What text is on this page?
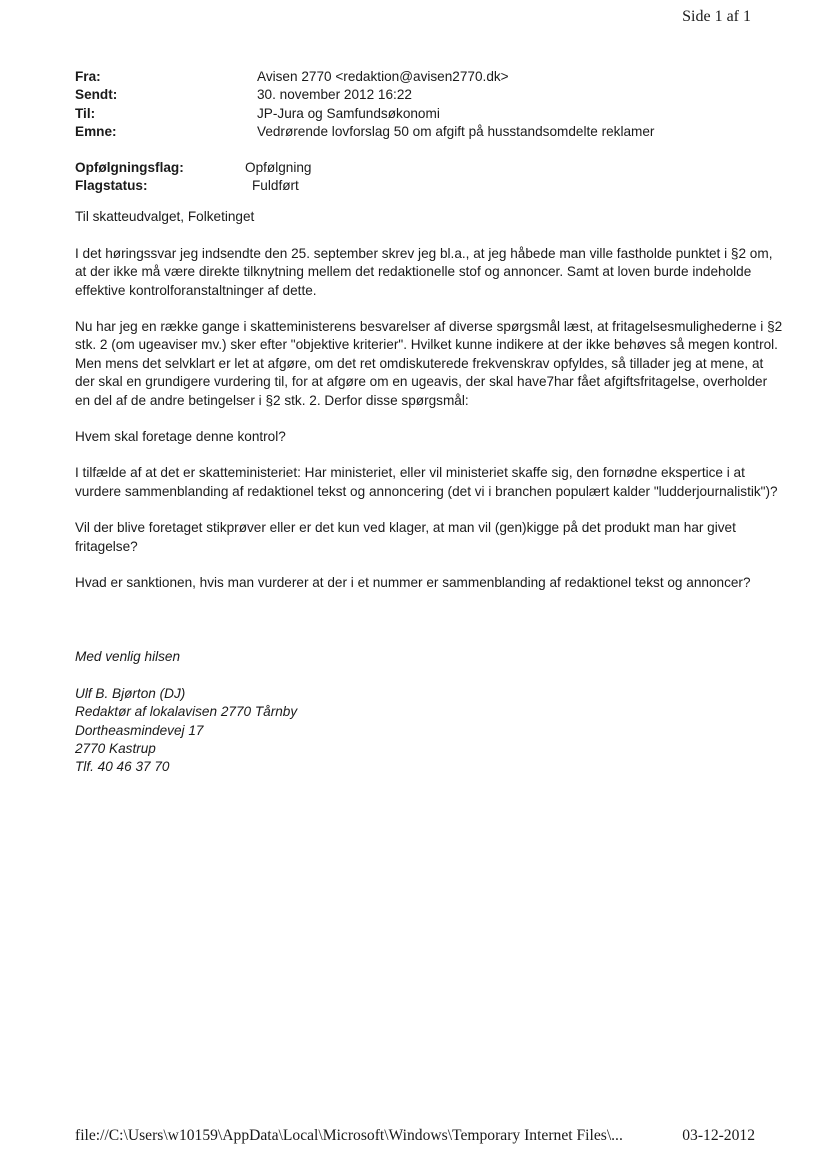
Side 1 af 1
Fra:	Avisen 2770 <redaktion@avisen2770.dk>
Sendt:	30. november 2012 16:22
Til:	JP-Jura og Samfundsøkonomi
Emne:	Vedrørende lovforslag 50 om afgift på husstandsomdelte reklamer
Opfølgningsflag:	Opfølgning
Flagstatus:	Fuldført

Til skatteudvalget, Folketinget

I det høringssvar jeg indsendte den 25. september skrev jeg bl.a., at jeg håbede man ville fastholde punktet i §2 om, at der ikke må være direkte tilknytning mellem det redaktionelle stof og annoncer. Samt at loven burde indeholde effektive kontrolforanstaltninger af dette.

Nu har jeg en række gange i skatteministerens besvarelser af diverse spørgsmål læst, at fritagelsesmulighederne i §2 stk. 2 (om ugeaviser mv.) sker efter "objektive kriterier". Hvilket kunne indikere at der ikke behøves så megen kontrol. Men mens det selvklart er let at afgøre, om det ret omdiskuterede frekvenskrav opfyldes, så tillader jeg at mene, at der skal en grundigere vurdering til, for at afgøre om en ugeavis, der skal have7har fået afgiftsfritagelse, overholder en del af de andre betingelser i §2 stk. 2. Derfor disse spørgsmål:

Hvem skal foretage denne kontrol?

I tilfælde af at det er skatteministeriet: Har ministeriet, eller vil ministeriet skaffe sig, den fornødne ekspertice i at vurdere sammenblanding af redaktionel tekst og annoncering (det vi i branchen populært kalder "ludderjournalistik")?

Vil der blive foretaget stikprøver eller er det kun ved klager, at man vil (gen)kigge på det produkt man har givet fritagelse?

Hvad er sanktionen, hvis man vurderer at der i et nummer er sammenblanding af redaktionel tekst og annoncer?

Med venlig hilsen

Ulf B. Bjørton (DJ)
Redaktør af lokalavisen 2770 Tårnby
Dortheasmindevej 17
2770 Kastrup
Tlf. 40 46 37 70
file://C:\Users\w10159\AppData\Local\Microsoft\Windows\Temporary Internet Files\...	03-12-2012
